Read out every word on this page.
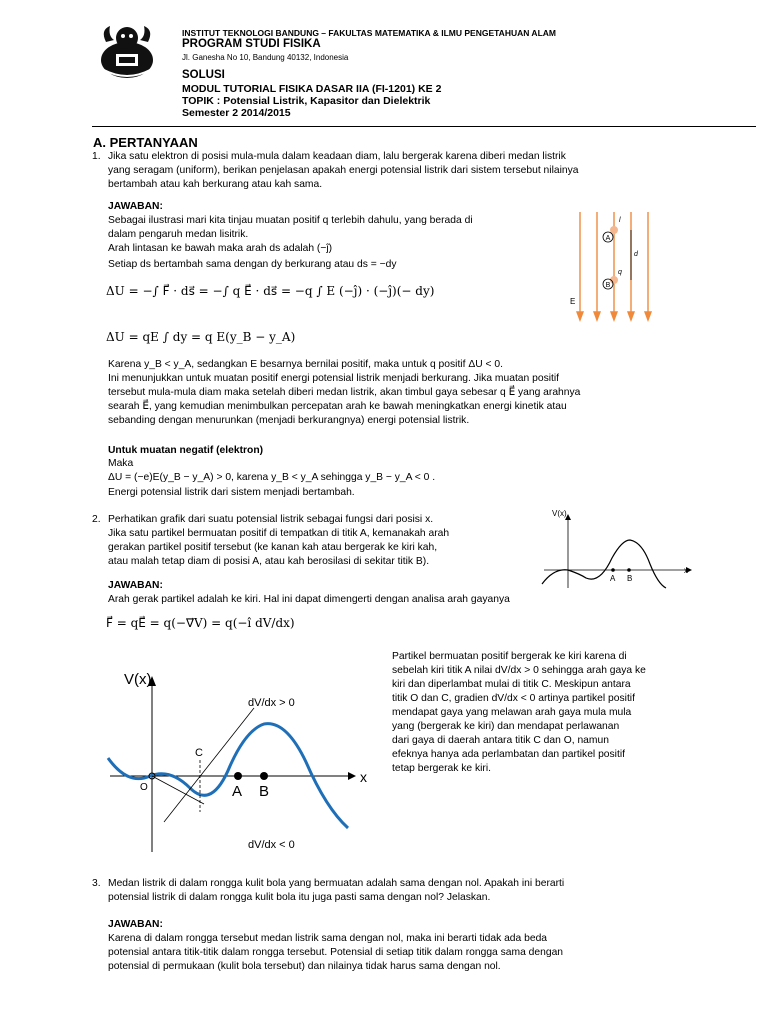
INSTITUT TEKNOLOGI BANDUNG – FAKULTAS MATEMATIKA & ILMU PENGETAHUAN ALAM
PROGRAM STUDI FISIKA
Jl. Ganesha No 10, Bandung 40132, Indonesia
SOLUSI
MODUL TUTORIAL FISIKA DASAR IIA (FI-1201) KE 2
TOPIK : Potensial Listrik, Kapasitor dan Dielektrik
Semester 2 2014/2015
A. PERTANYAAN
1. Jika satu elektron di posisi mula-mula dalam keadaan diam, lalu bergerak karena diberi medan listrik
yang seragam (uniform), berikan penjelasan apakah energi potensial listrik dari sistem tersebut nilainya
bertambah atau kah berkurang atau kah sama.
JAWABAN:
Sebagai ilustrasi mari kita tinjau muatan positif q terlebih dahulu, yang berada di
dalam pengaruh medan lisitrik.
Arah lintasan ke bawah maka arah ds adalah (−ĵ)
Setiap ds bertambah sama dengan dy berkurang atau ds = −dy
ΔU = −∫ F⃗ · ds⃗ = −∫ q E⃗ · ds⃗ = −q ∫ E (−ĵ) · (−ĵ)(− dy)
ΔU = qE ∫ dy = q E(y_B − y_A)
Karena y_B < y_A, sedangkan E besarnya bernilai positif, maka untuk q positif ΔU < 0.
Ini menunjukkan untuk muatan positif energi potensial listrik menjadi berkurang. Jika muatan positif
tersebut mula-mula diam maka setelah diberi medan listrik, akan timbul gaya sebesar q E⃗ yang arahnya
searah E⃗, yang kemudian menimbulkan percepatan arah ke bawah meningkatkan energi kinetik atau
sebanding dengan menurunkan (menjadi berkurangnya) energi potensial listrik.
Untuk muatan negatif (elektron)
Maka
ΔU = (−e)E(y_B − y_A) > 0, karena y_B < y_A sehingga y_B − y_A < 0 .
Energi potensial listrik dari sistem menjadi bertambah.
A
B
q
d
l
E
2. Perhatikan grafik dari suatu potensial listrik sebagai fungsi dari posisi x.
Jika satu partikel bermuatan positif di tempatkan di titik A, kemanakah arah
gerakan partikel positif tersebut (ke kanan kah atau bergerak ke kiri kah,
atau malah tetap diam di posisi A, atau kah berosilasi di sekitar titik B).
V(x)
x
A B
JAWABAN:
Arah gerak partikel adalah ke kiri. Hal ini dapat dimengerti dengan analisa arah gayanya
F⃗ = qE⃗ = q(−∇⃗V) = q(−î dV/dx)
V(x)
x
C
A B
O
dV/dx > 0
dV/dx < 0
Partikel bermuatan positif bergerak ke kiri karena di
sebelah kiri titik A nilai dV/dx > 0 sehingga arah gaya ke
kiri dan diperlambat mulai di titik C. Meskipun antara
titik O dan C, gradien dV/dx < 0 artinya partikel positif
mendapat gaya yang melawan arah gaya mula mula
yang (bergerak ke kiri) dan mendapat perlawanan
dari gaya di daerah antara titik C dan O, namun
efeknya hanya ada perlambatan dan partikel positif
tetap bergerak ke kiri.
3. Medan listrik di dalam rongga kulit bola yang bermuatan adalah sama dengan nol. Apakah ini berarti
potensial listrik di dalam rongga kulit bola itu juga pasti sama dengan nol? Jelaskan.
JAWABAN:
Karena di dalam rongga tersebut medan listrik sama dengan nol, maka ini berarti tidak ada beda
potensial antara titik-titik dalam rongga tersebut. Potensial di setiap titik dalam rongga sama dengan
potensial di permukaan (kulit bola tersebut) dan nilainya tidak harus sama dengan nol.
